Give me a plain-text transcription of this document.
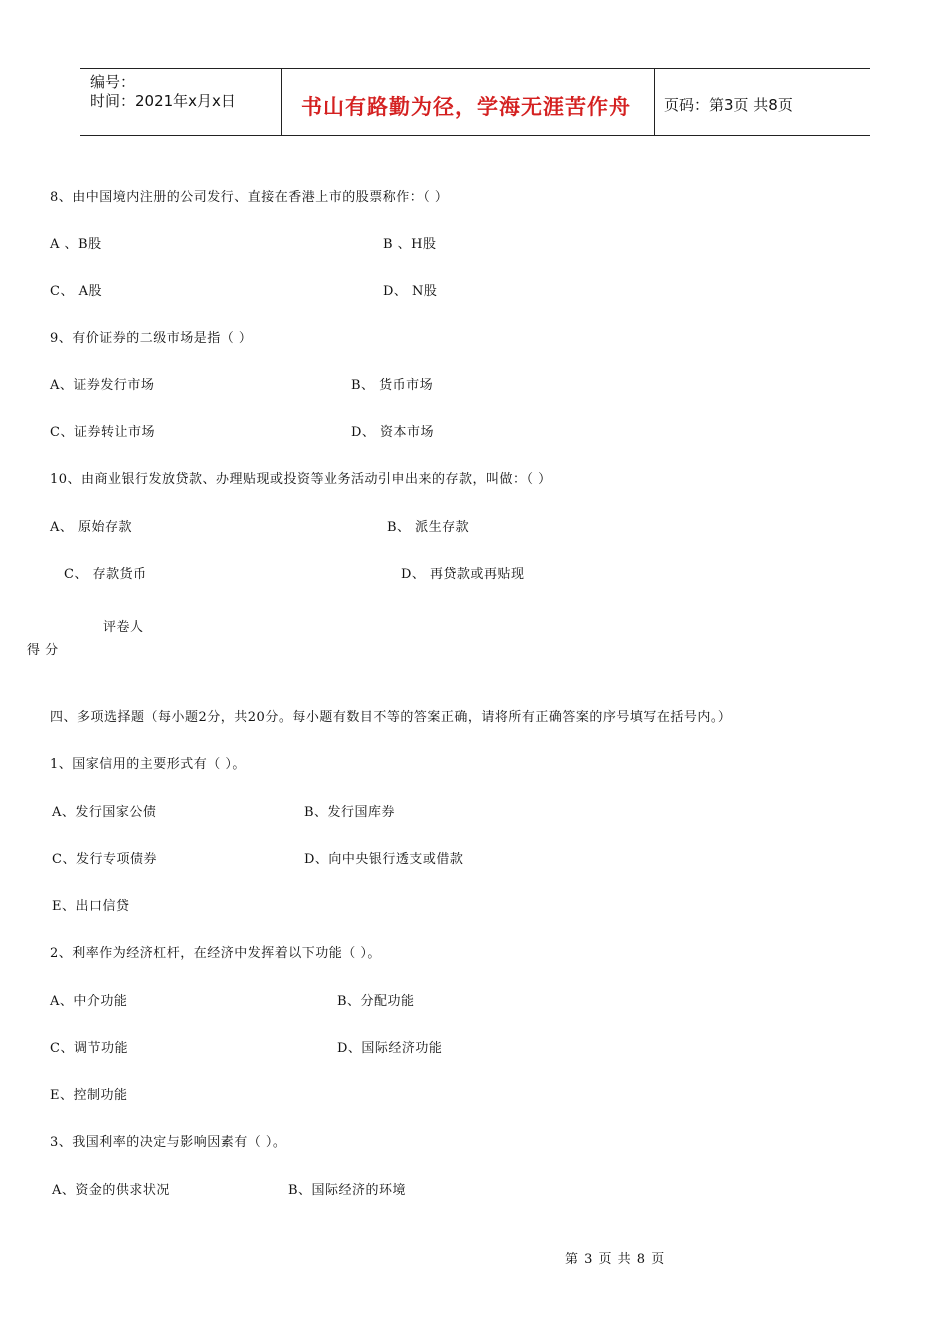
编号：
时间：2021年x月x日	书山有路勤为径，学海无涯苦作舟 页码：第3页 共8页
8、由中国境内注册的公司发行、直接在香港上市的股票称作：（ ）
A 、B股	B 、H股
C、 A股	D、 N股
9、有价证券的二级市场是指（ ）
A、证券发行市场	B、 货币市场
C、证券转让市场	D、 资本市场
10、由商业银行发放贷款、办理贴现或投资等业务活动引申出来的存款，叫做：（ ）
A、 原始存款	B、 派生存款
C、 存款货币	D、 再贷款或再贴现
评卷人
得 分
四、多项选择题（每小题2分，共20分。每小题有数目不等的答案正确，请将所有正确答案的序号填写在括号内。）
1、国家信用的主要形式有（ ）。
A、发行国家公债	B、发行国库券
C、发行专项债券	D、向中央银行透支或借款
E、出口信贷
2、利率作为经济杠杆，在经济中发挥着以下功能（ ）。
A、中介功能	B、分配功能
C、调节功能	D、国际经济功能
E、控制功能
3、我国利率的决定与影响因素有（ ）。
A、资金的供求状况	B、国际经济的环境
第 3 页 共 8 页
